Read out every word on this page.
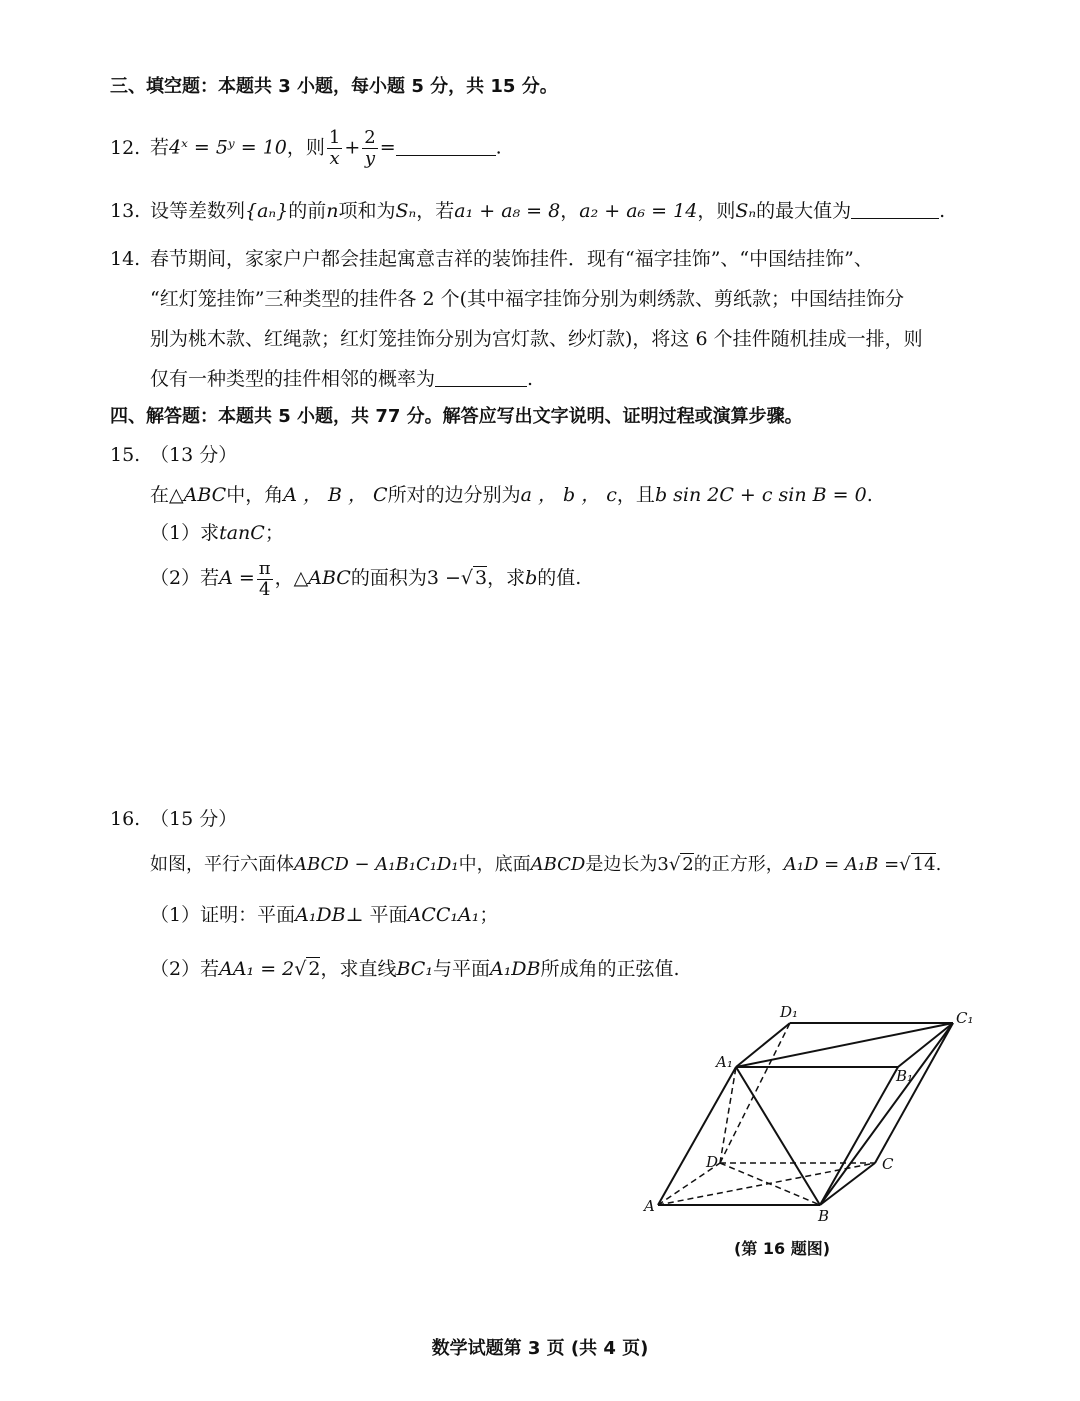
三、填空题：本题共 3 小题，每小题 5 分，共 15 分。
12. 若4ˣ = 5ʸ = 10，则 $\frac{1}{x} + \frac{2}{y}$ =	.
13. 设等差数列{aₙ}的前n项和为Sₙ，若a₁ + a₈ = 8，a₂ + a₆ = 14，则Sₙ的最大值为	.
14. 春节期间，家家户户都会挂起寓意吉祥的装饰挂件．现有“福字挂饰”、“中国结挂饰”、
“红灯笼挂饰”三种类型的挂件各 2 个(其中福字挂饰分别为刺绣款、剪纸款；中国结挂饰分
别为桃木款、红绳款；红灯笼挂饰分别为宫灯款、纱灯款)，将这 6 个挂件随机挂成一排，则
仅有一种类型的挂件相邻的概率为	.
四、解答题：本题共 5 小题，共 77 分。解答应写出文字说明、证明过程或演算步骤。
15. （13 分）
在△ABC中，角A ， B ， C所对的边分别为a ， b ， c，且b sin 2C + c sin B = 0.
（1）求tanC；
（2）若$A = \frac{\pi}{4}$ ，△ABC的面积为3 −√ 3，求b的值.
16. （15 分）
如图，平行六面体ABCD − A₁B₁C₁D₁中，底面ABCD是边长为3√ 2的正方形，A₁D = A₁B =√ 14.
（1）证明：平面A₁DB⊥ 平面ACC₁A₁；
（2）若AA₁ = 2√ 2，求直线BC₁与平面A₁DB所成角的正弦值.
D₁	C₁
A₁
B₁
D	C
A
B
(第 16 题图)
数学试题第 3 页 (共 4 页)
